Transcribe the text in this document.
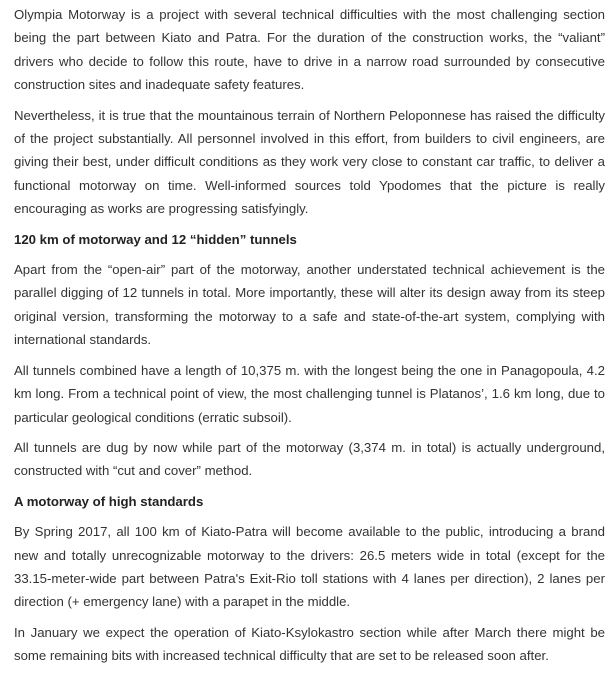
Olympia Motorway is a project with several technical difficulties with the most challenging section being the part between Kiato and Patra. For the duration of the construction works, the “valiant” drivers who decide to follow this route, have to drive in a narrow road surrounded by consecutive construction sites and inadequate safety features.

Nevertheless, it is true that the mountainous terrain of Northern Peloponnese has raised the difficulty of the project substantially. All personnel involved in this effort, from builders to civil engineers, are giving their best, under difficult conditions as they work very close to constant car traffic, to deliver a functional motorway on time. Well-informed sources told Ypodomes that the picture is really encouraging as works are progressing satisfyingly.

120 km of motorway and 12 “hidden” tunnels

Apart from the “open-air” part of the motorway, another understated technical achievement is the parallel digging of 12 tunnels in total. More importantly, these will alter its design away from its steep original version, transforming the motorway to a safe and state-of-the-art system, complying with international standards.

All tunnels combined have a length of 10,375 m. with the longest being the one in Panagopoula, 4.2 km long. From a technical point of view, the most challenging tunnel is Platanos’, 1.6 km long, due to particular geological conditions (erratic subsoil).

All tunnels are dug by now while part of the motorway (3,374 m. in total) is actually underground, constructed with “cut and cover” method.

A motorway of high standards

By Spring 2017, all 100 km of Kiato-Patra will become available to the public, introducing a brand new and totally unrecognizable motorway to the drivers: 26.5 meters wide in total (except for the 33.15-meter-wide part between Patra's Exit-Rio toll stations with 4 lanes per direction), 2 lanes per direction (+ emergency lane) with a parapet in the middle.

In January we expect the operation of Kiato-Ksylokastro section while after March there might be some remaining bits with increased technical difficulty that are set to be released soon after.
